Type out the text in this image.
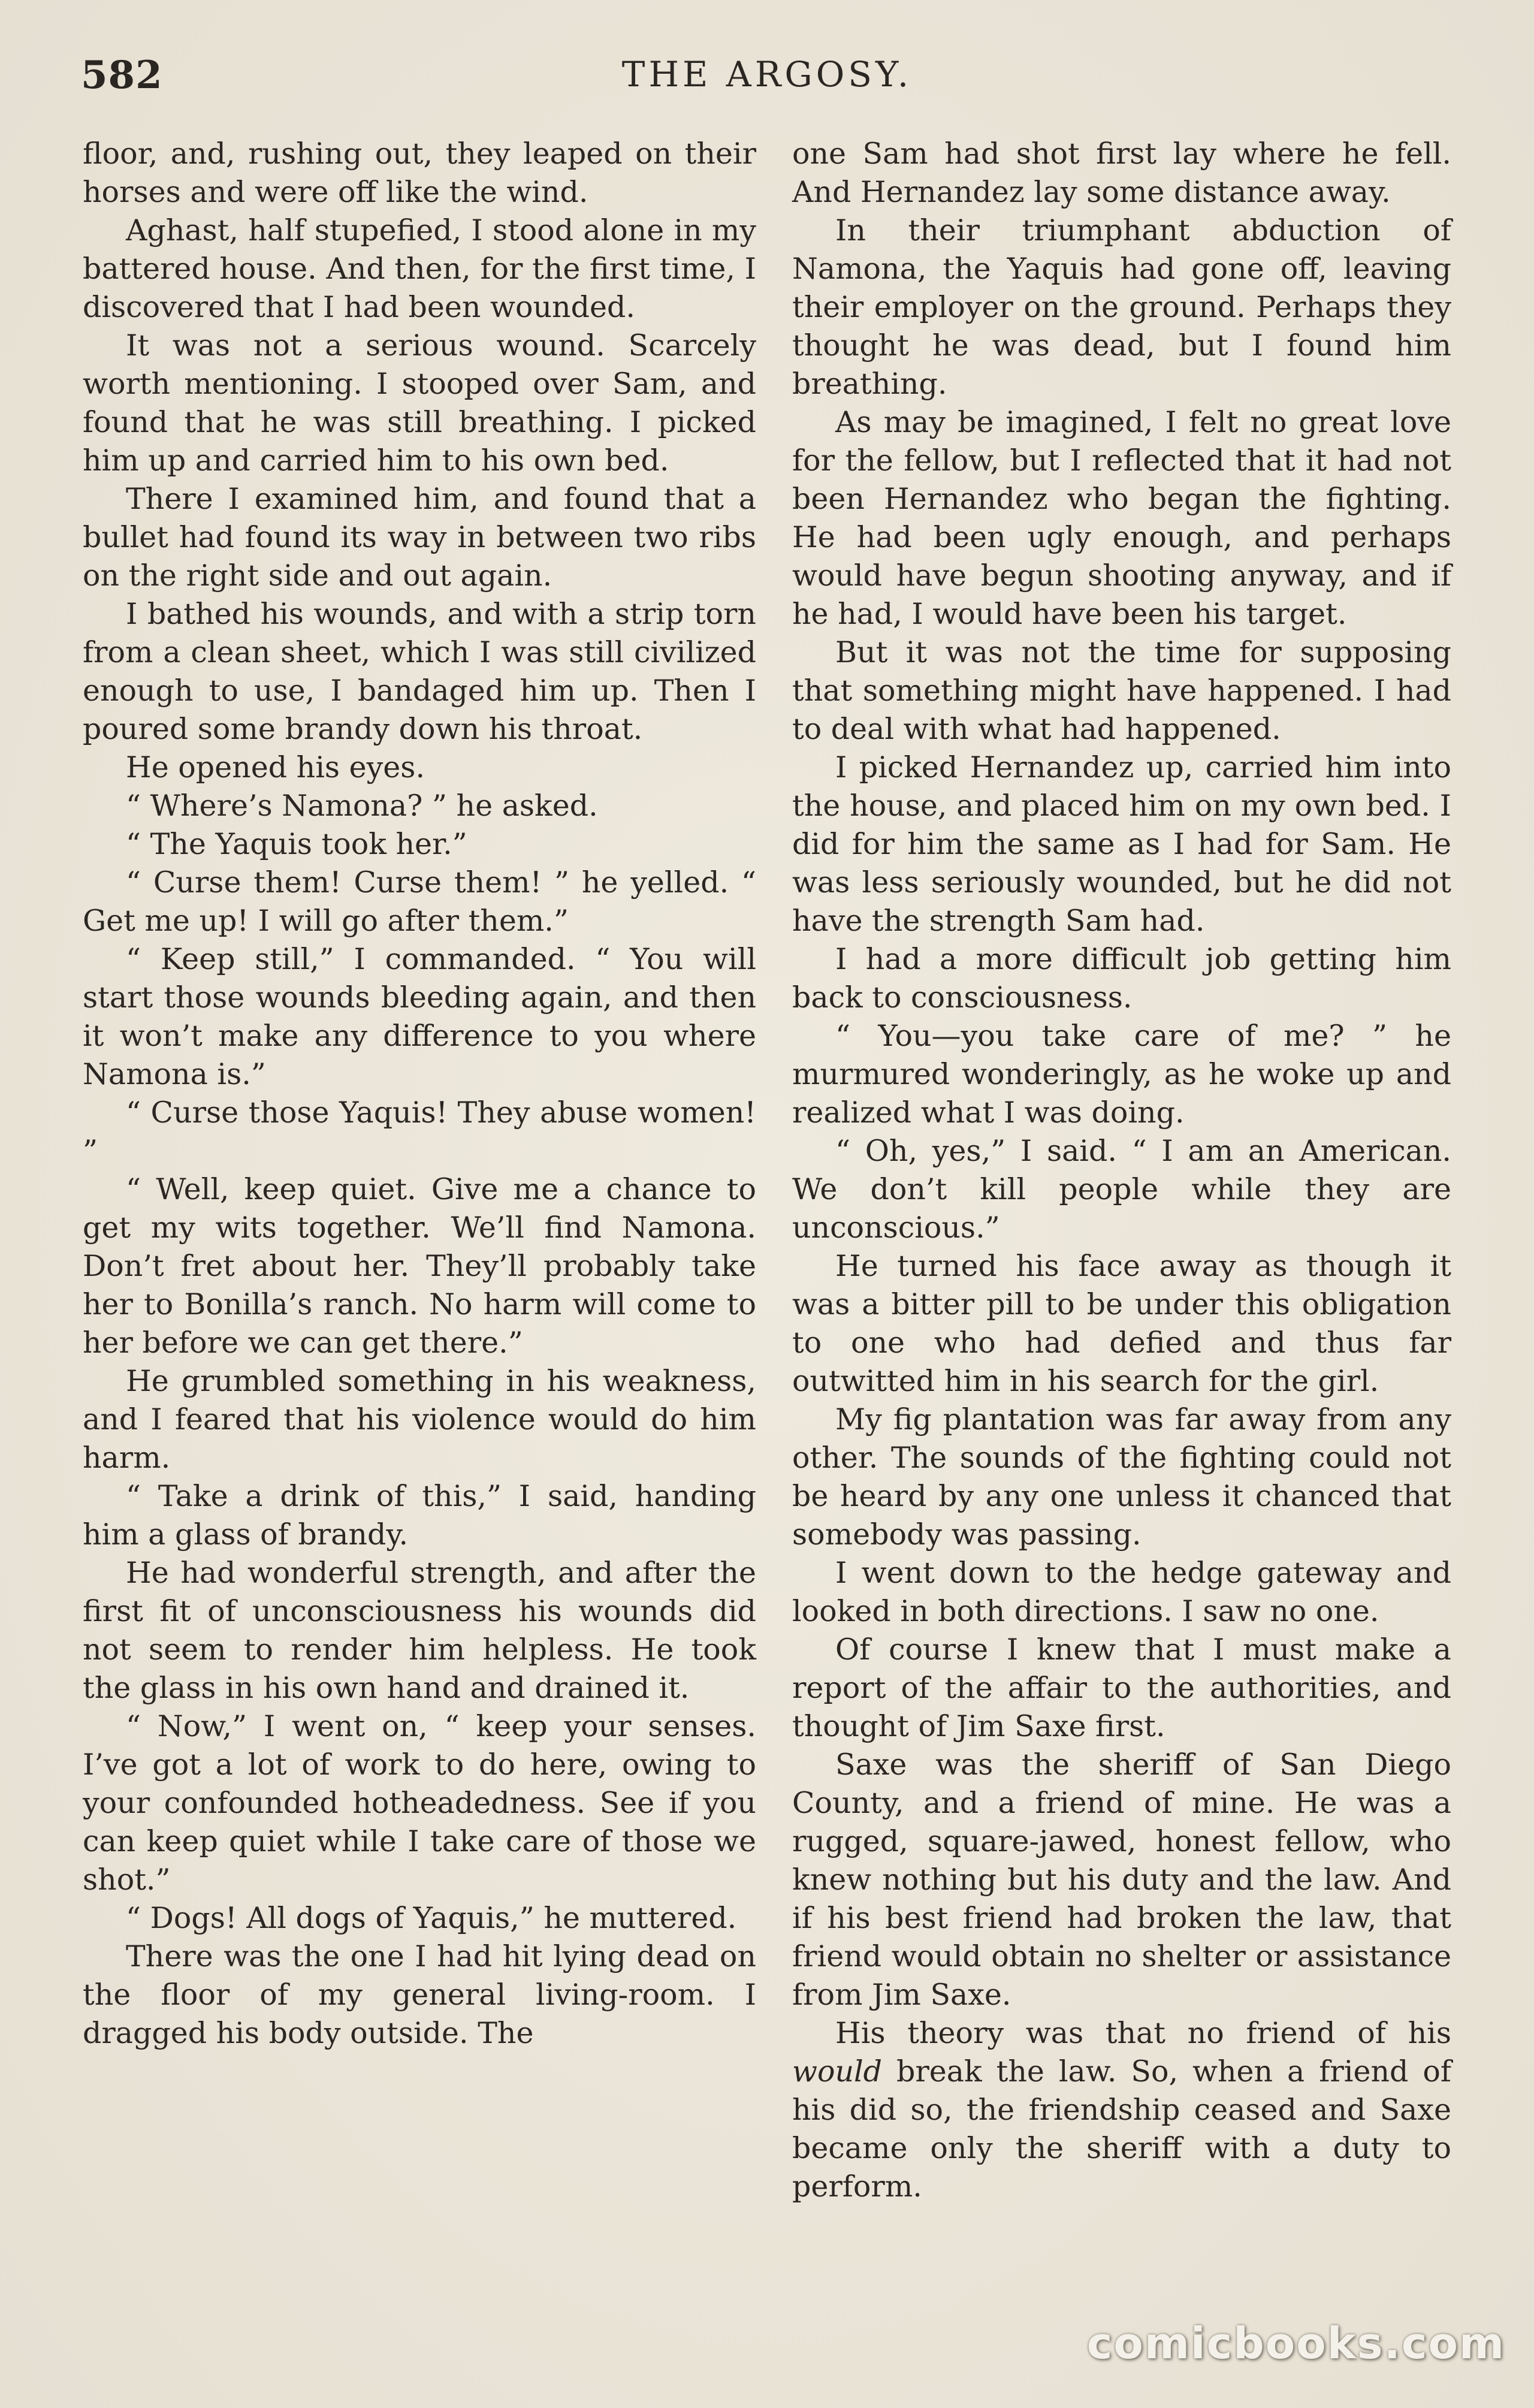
582	THE ARGOSY.

floor, and, rushing out, they leaped on their horses and were off like the wind.

Aghast, half stupefied, I stood alone in my battered house. And then, for the first time, I discovered that I had been wounded.

It was not a serious wound. Scarcely worth mentioning. I stooped over Sam, and found that he was still breathing. I picked him up and carried him to his own bed.

There I examined him, and found that a bullet had found its way in between two ribs on the right side and out again.

I bathed his wounds, and with a strip torn from a clean sheet, which I was still civilized enough to use, I bandaged him up. Then I poured some brandy down his throat.

He opened his eyes.

“ Where’s Namona? ” he asked.

“ The Yaquis took her.”

“ Curse them! Curse them! ” he yelled. “ Get me up! I will go after them.”

“ Keep still,” I commanded. “ You will start those wounds bleeding again, and then it won’t make any difference to you where Namona is.”

“ Curse those Yaquis! They abuse women! ”

“ Well, keep quiet. Give me a chance to get my wits together. We’ll find Namona. Don’t fret about her. They’ll probably take her to Bonilla’s ranch. No harm will come to her before we can get there.”

He grumbled something in his weakness, and I feared that his violence would do him harm.

“ Take a drink of this,” I said, handing him a glass of brandy.

He had wonderful strength, and after the first fit of unconsciousness his wounds did not seem to render him helpless. He took the glass in his own hand and drained it.

“ Now,” I went on, “ keep your senses. I’ve got a lot of work to do here, owing to your confounded hotheadedness. See if you can keep quiet while I take care of those we shot.”

“ Dogs! All dogs of Yaquis,” he muttered.

There was the one I had hit lying dead on the floor of my general living-room. I dragged his body outside. The

one Sam had shot first lay where he fell. And Hernandez lay some distance away.

In their triumphant abduction of Namona, the Yaquis had gone off, leaving their employer on the ground. Perhaps they thought he was dead, but I found him breathing.

As may be imagined, I felt no great love for the fellow, but I reflected that it had not been Hernandez who began the fighting. He had been ugly enough, and perhaps would have begun shooting anyway, and if he had, I would have been his target.

But it was not the time for supposing that something might have happened. I had to deal with what had happened.

I picked Hernandez up, carried him into the house, and placed him on my own bed. I did for him the same as I had for Sam. He was less seriously wounded, but he did not have the strength Sam had.

I had a more difficult job getting him back to consciousness.

“ You—you take care of me? ” he murmured wonderingly, as he woke up and realized what I was doing.

“ Oh, yes,” I said. “ I am an American. We don’t kill people while they are unconscious.”

He turned his face away as though it was a bitter pill to be under this obligation to one who had defied and thus far outwitted him in his search for the girl.

My fig plantation was far away from any other. The sounds of the fighting could not be heard by any one unless it chanced that somebody was passing.

I went down to the hedge gateway and looked in both directions. I saw no one.

Of course I knew that I must make a report of the affair to the authorities, and thought of Jim Saxe first.

Saxe was the sheriff of San Diego County, and a friend of mine. He was a rugged, square-jawed, honest fellow, who knew nothing but his duty and the law. And if his best friend had broken the law, that friend would obtain no shelter or assistance from Jim Saxe.

His theory was that no friend of his would break the law. So, when a friend of his did so, the friendship ceased and Saxe became only the sheriff with a duty to perform.

comicbooks.com
